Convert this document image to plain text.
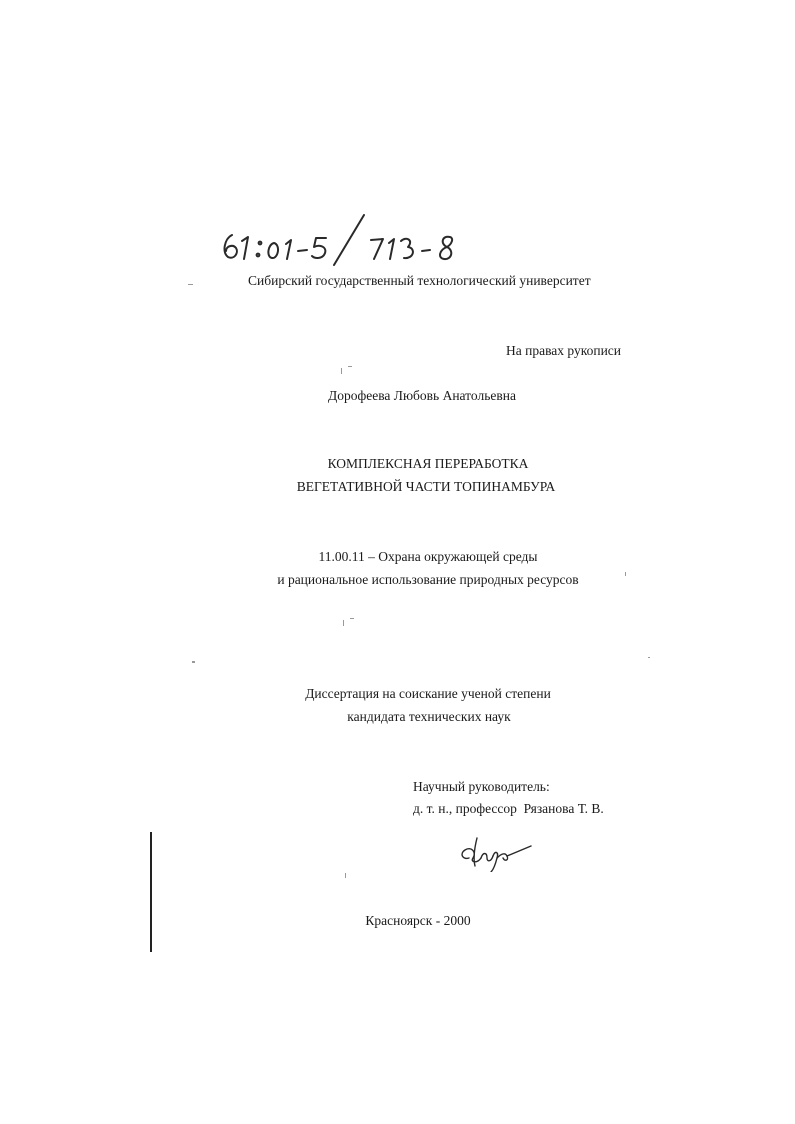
Сибирский государственный технологический университет
На правах рукописи
Дорофеева Любовь Анатольевна
КОМПЛЕКСНАЯ ПЕРЕРАБОТКА
ВЕГЕТАТИВНОЙ ЧАСТИ ТОПИНАМБУРА
11.00.11 – Охрана окружающей среды
и рациональное использование природных ресурсов
Диссертация на соискание ученой степени
кандидата технических наук
Научный руководитель:
д. т. н., профессор  Рязанова Т. В.
Красноярск - 2000
